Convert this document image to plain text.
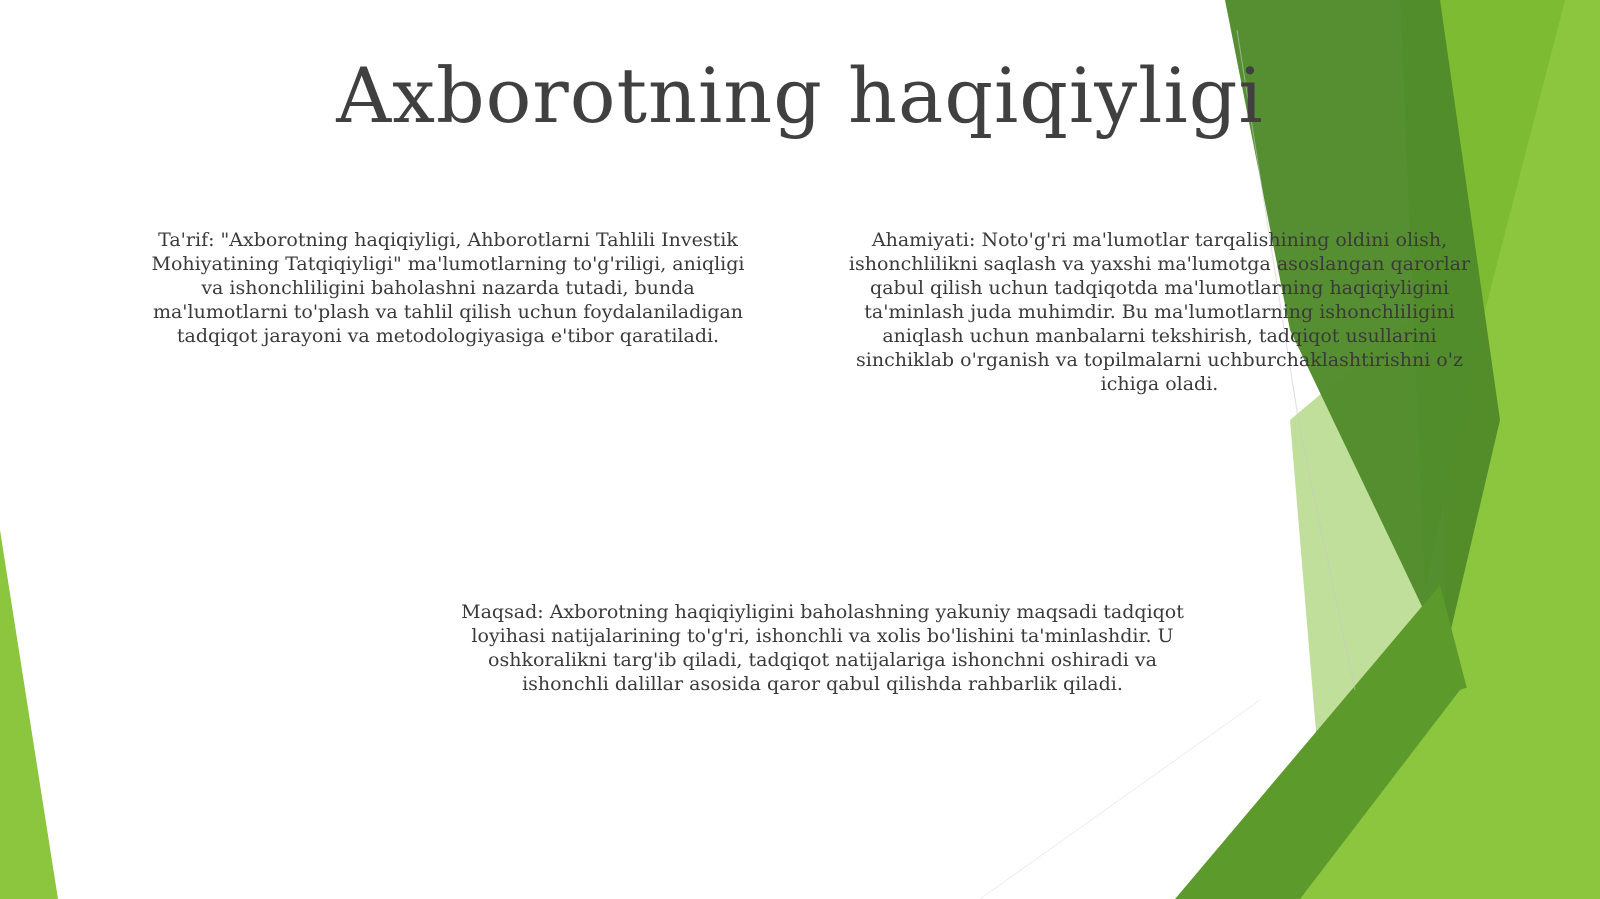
Axborotning haqiqiyligi

Ta'rif: "Axborotning haqiqiyligi, Ahborotlarni Tahlili Investik Mohiyatining Tatqiqiyligi" ma'lumotlarning to'g'riligi, aniqligi va ishonchliligini baholashni nazarda tutadi, bunda ma'lumotlarni to'plash va tahlil qilish uchun foydalaniladigan tadqiqot jarayoni va metodologiyasiga e'tibor qaratiladi.

Ahamiyati: Noto'g'ri ma'lumotlar tarqalishining oldini olish, ishonchlilikni saqlash va yaxshi ma'lumotga asoslangan qarorlar qabul qilish uchun tadqiqotda ma'lumotlarning haqiqiyligini ta'minlash juda muhimdir. Bu ma'lumotlarning ishonchliligini aniqlash uchun manbalarni tekshirish, tadqiqot usullarini sinchiklab o'rganish va topilmalarni uchburchaklashtirishni o'z ichiga oladi.

Maqsad: Axborotning haqiqiyligini baholashning yakuniy maqsadi tadqiqot loyihasi natijalarining to'g'ri, ishonchli va xolis bo'lishini ta'minlashdir. U oshkoralikni targ'ib qiladi, tadqiqot natijalariga ishonchni oshiradi va ishonchli dalillar asosida qaror qabul qilishda rahbarlik qiladi.
